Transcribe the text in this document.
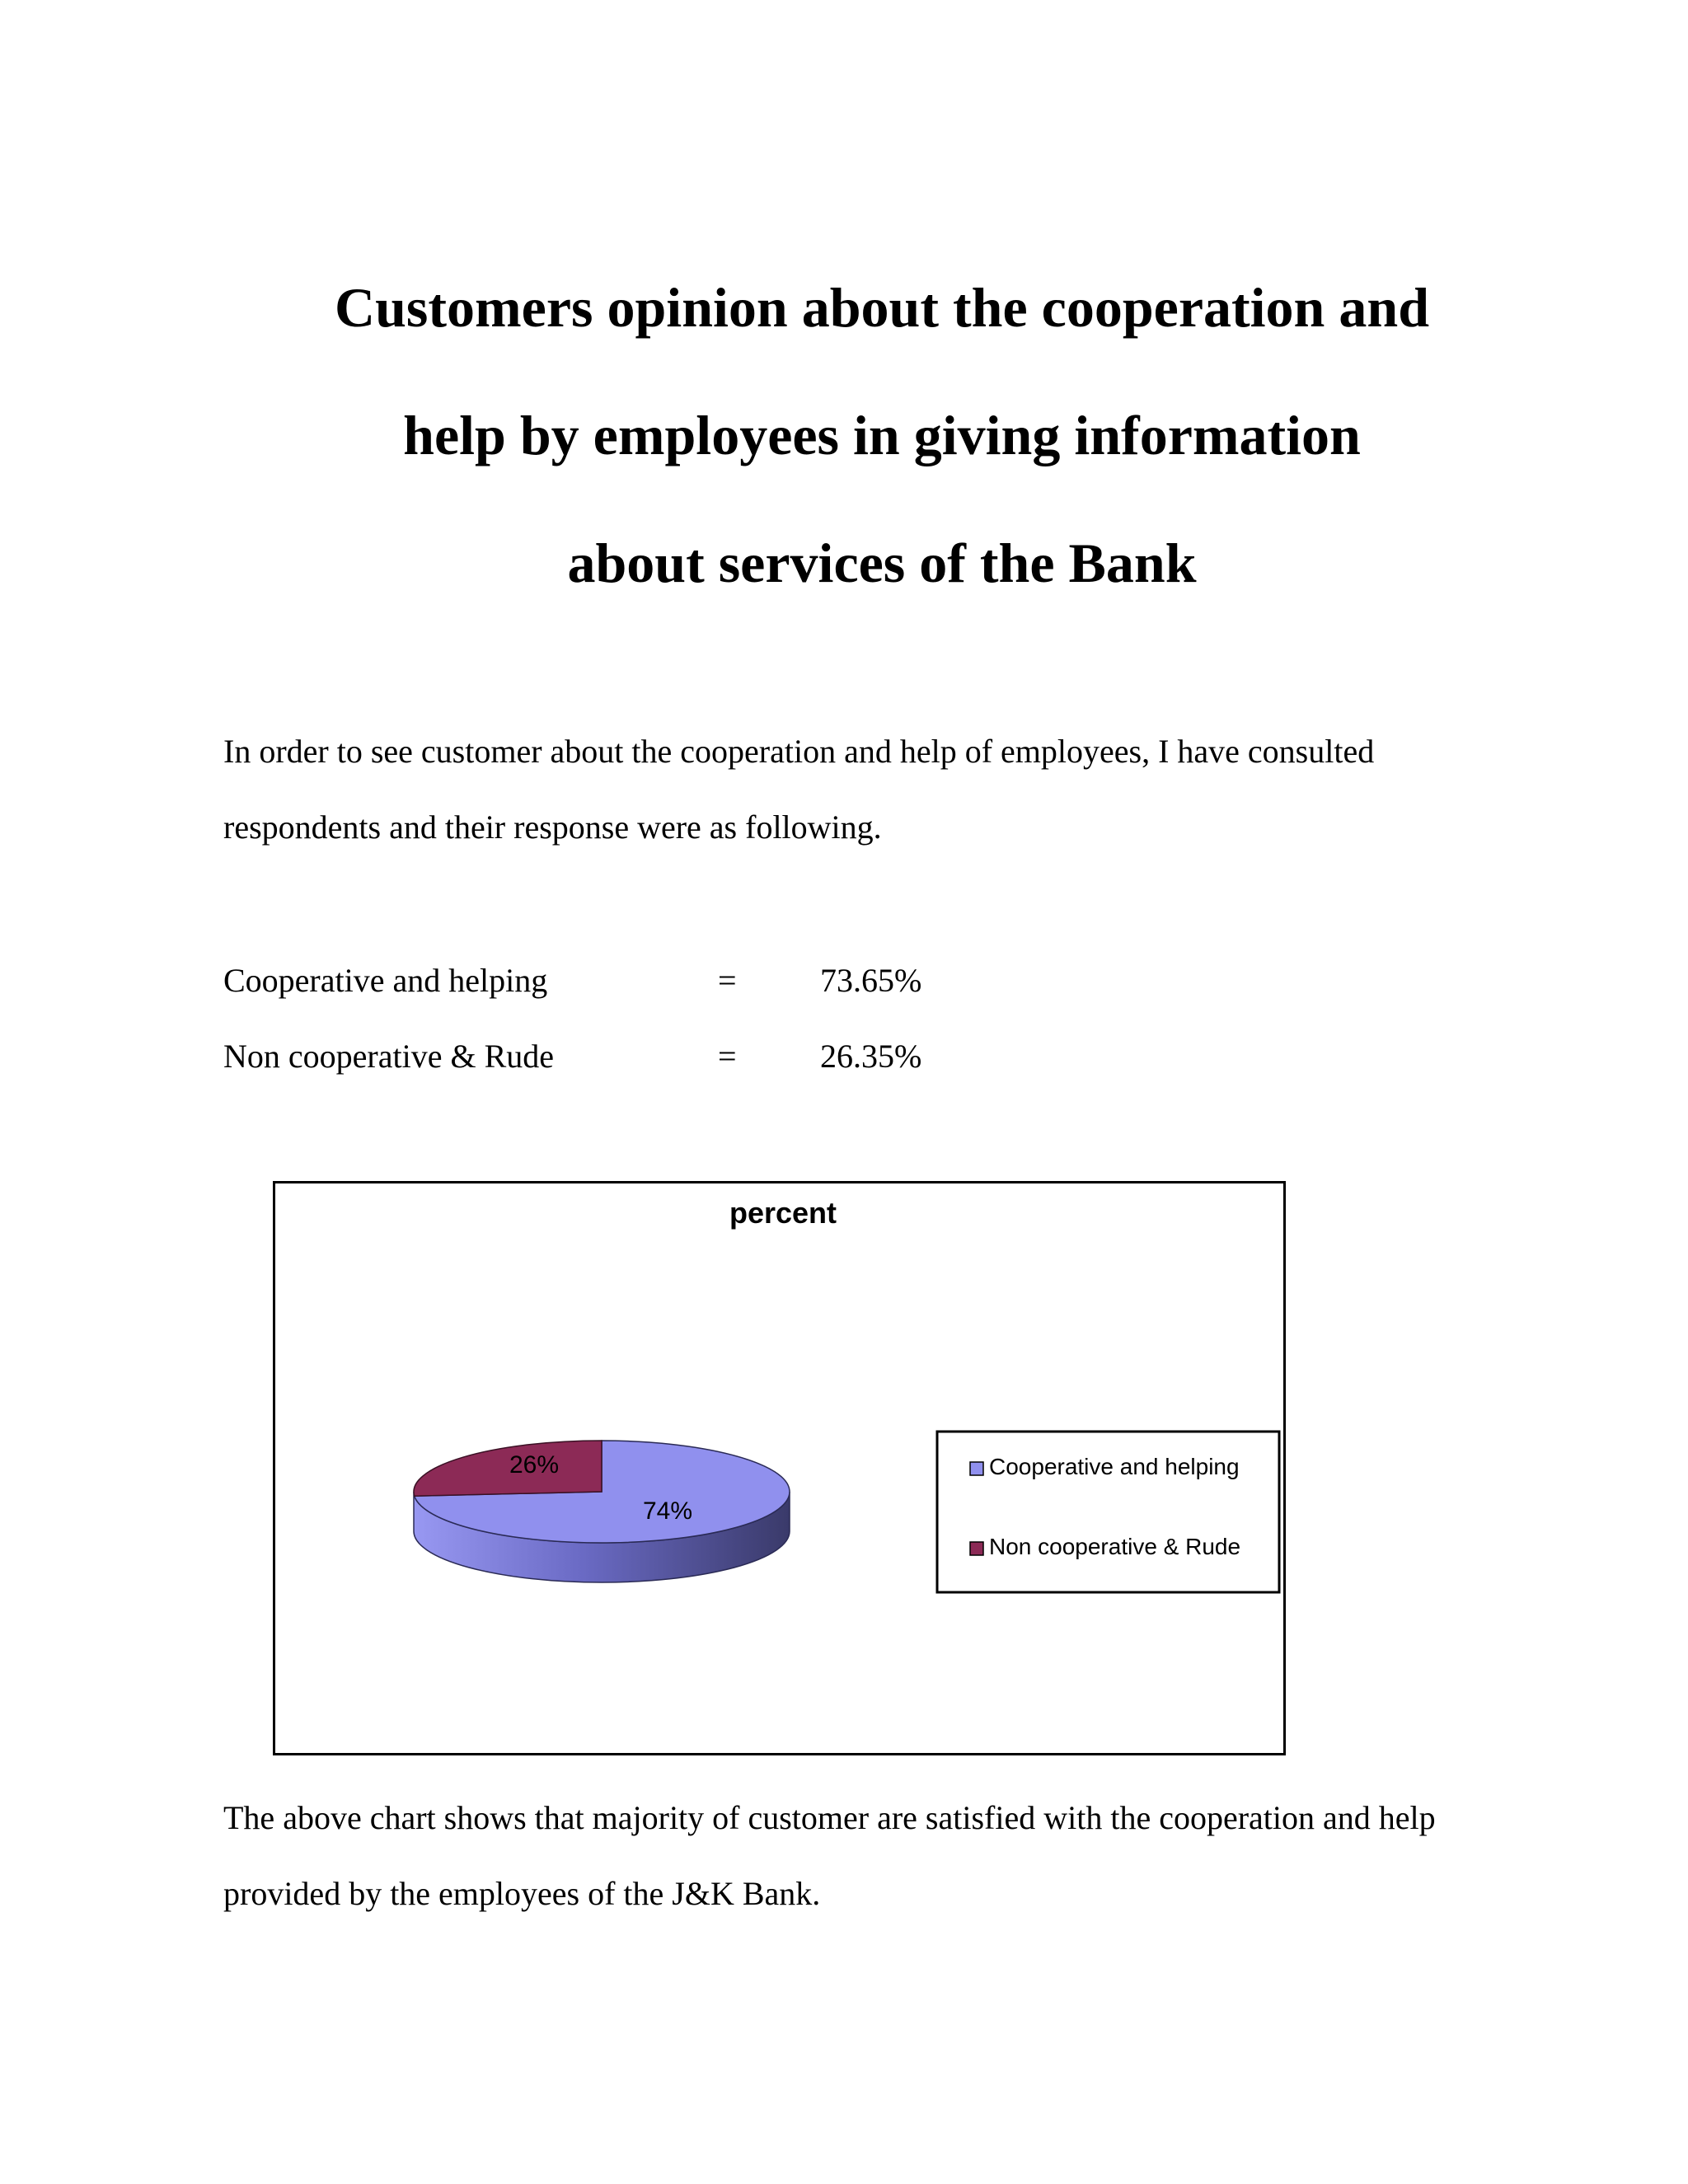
Customers opinion about the cooperation and
help by employees in giving information
about services of the Bank
In order to see customer about the cooperation and help of employees, I have consulted
respondents and their response were as following.
Cooperative and helping	=	73.65%
Non cooperative & Rude	=	26.35%
percent
74%
26%	Cooperative and helping
Non cooperative & Rude
The above chart shows that majority of customer are satisfied with the cooperation and help
provided by the employees of the J&K Bank.
